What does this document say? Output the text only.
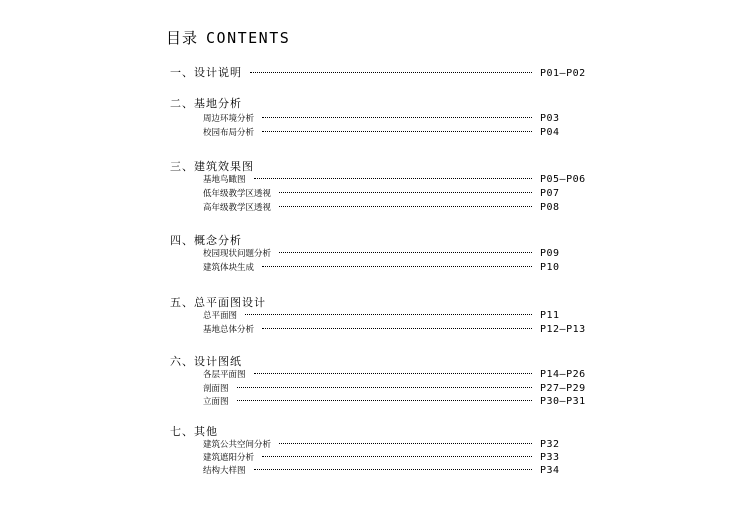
目录 CONTENTS
一、设计说明	P01—P02
二、基地分析
周边环境分析	P03
校园布局分析	P04
三、建筑效果图
基地鸟瞰图	P05—P06
低年级教学区透视	P07
高年级教学区透视	P08
四、概念分析
校园现状问题分析	P09
建筑体块生成	P10
五、总平面图设计
总平面图	P11
基地总体分析	P12—P13
六、设计图纸
各层平面图	P14—P26
剖面图	P27—P29
立面图	P30—P31
七、其他
建筑公共空间分析	P32
建筑遮阳分析	P33
结构大样图	P34
